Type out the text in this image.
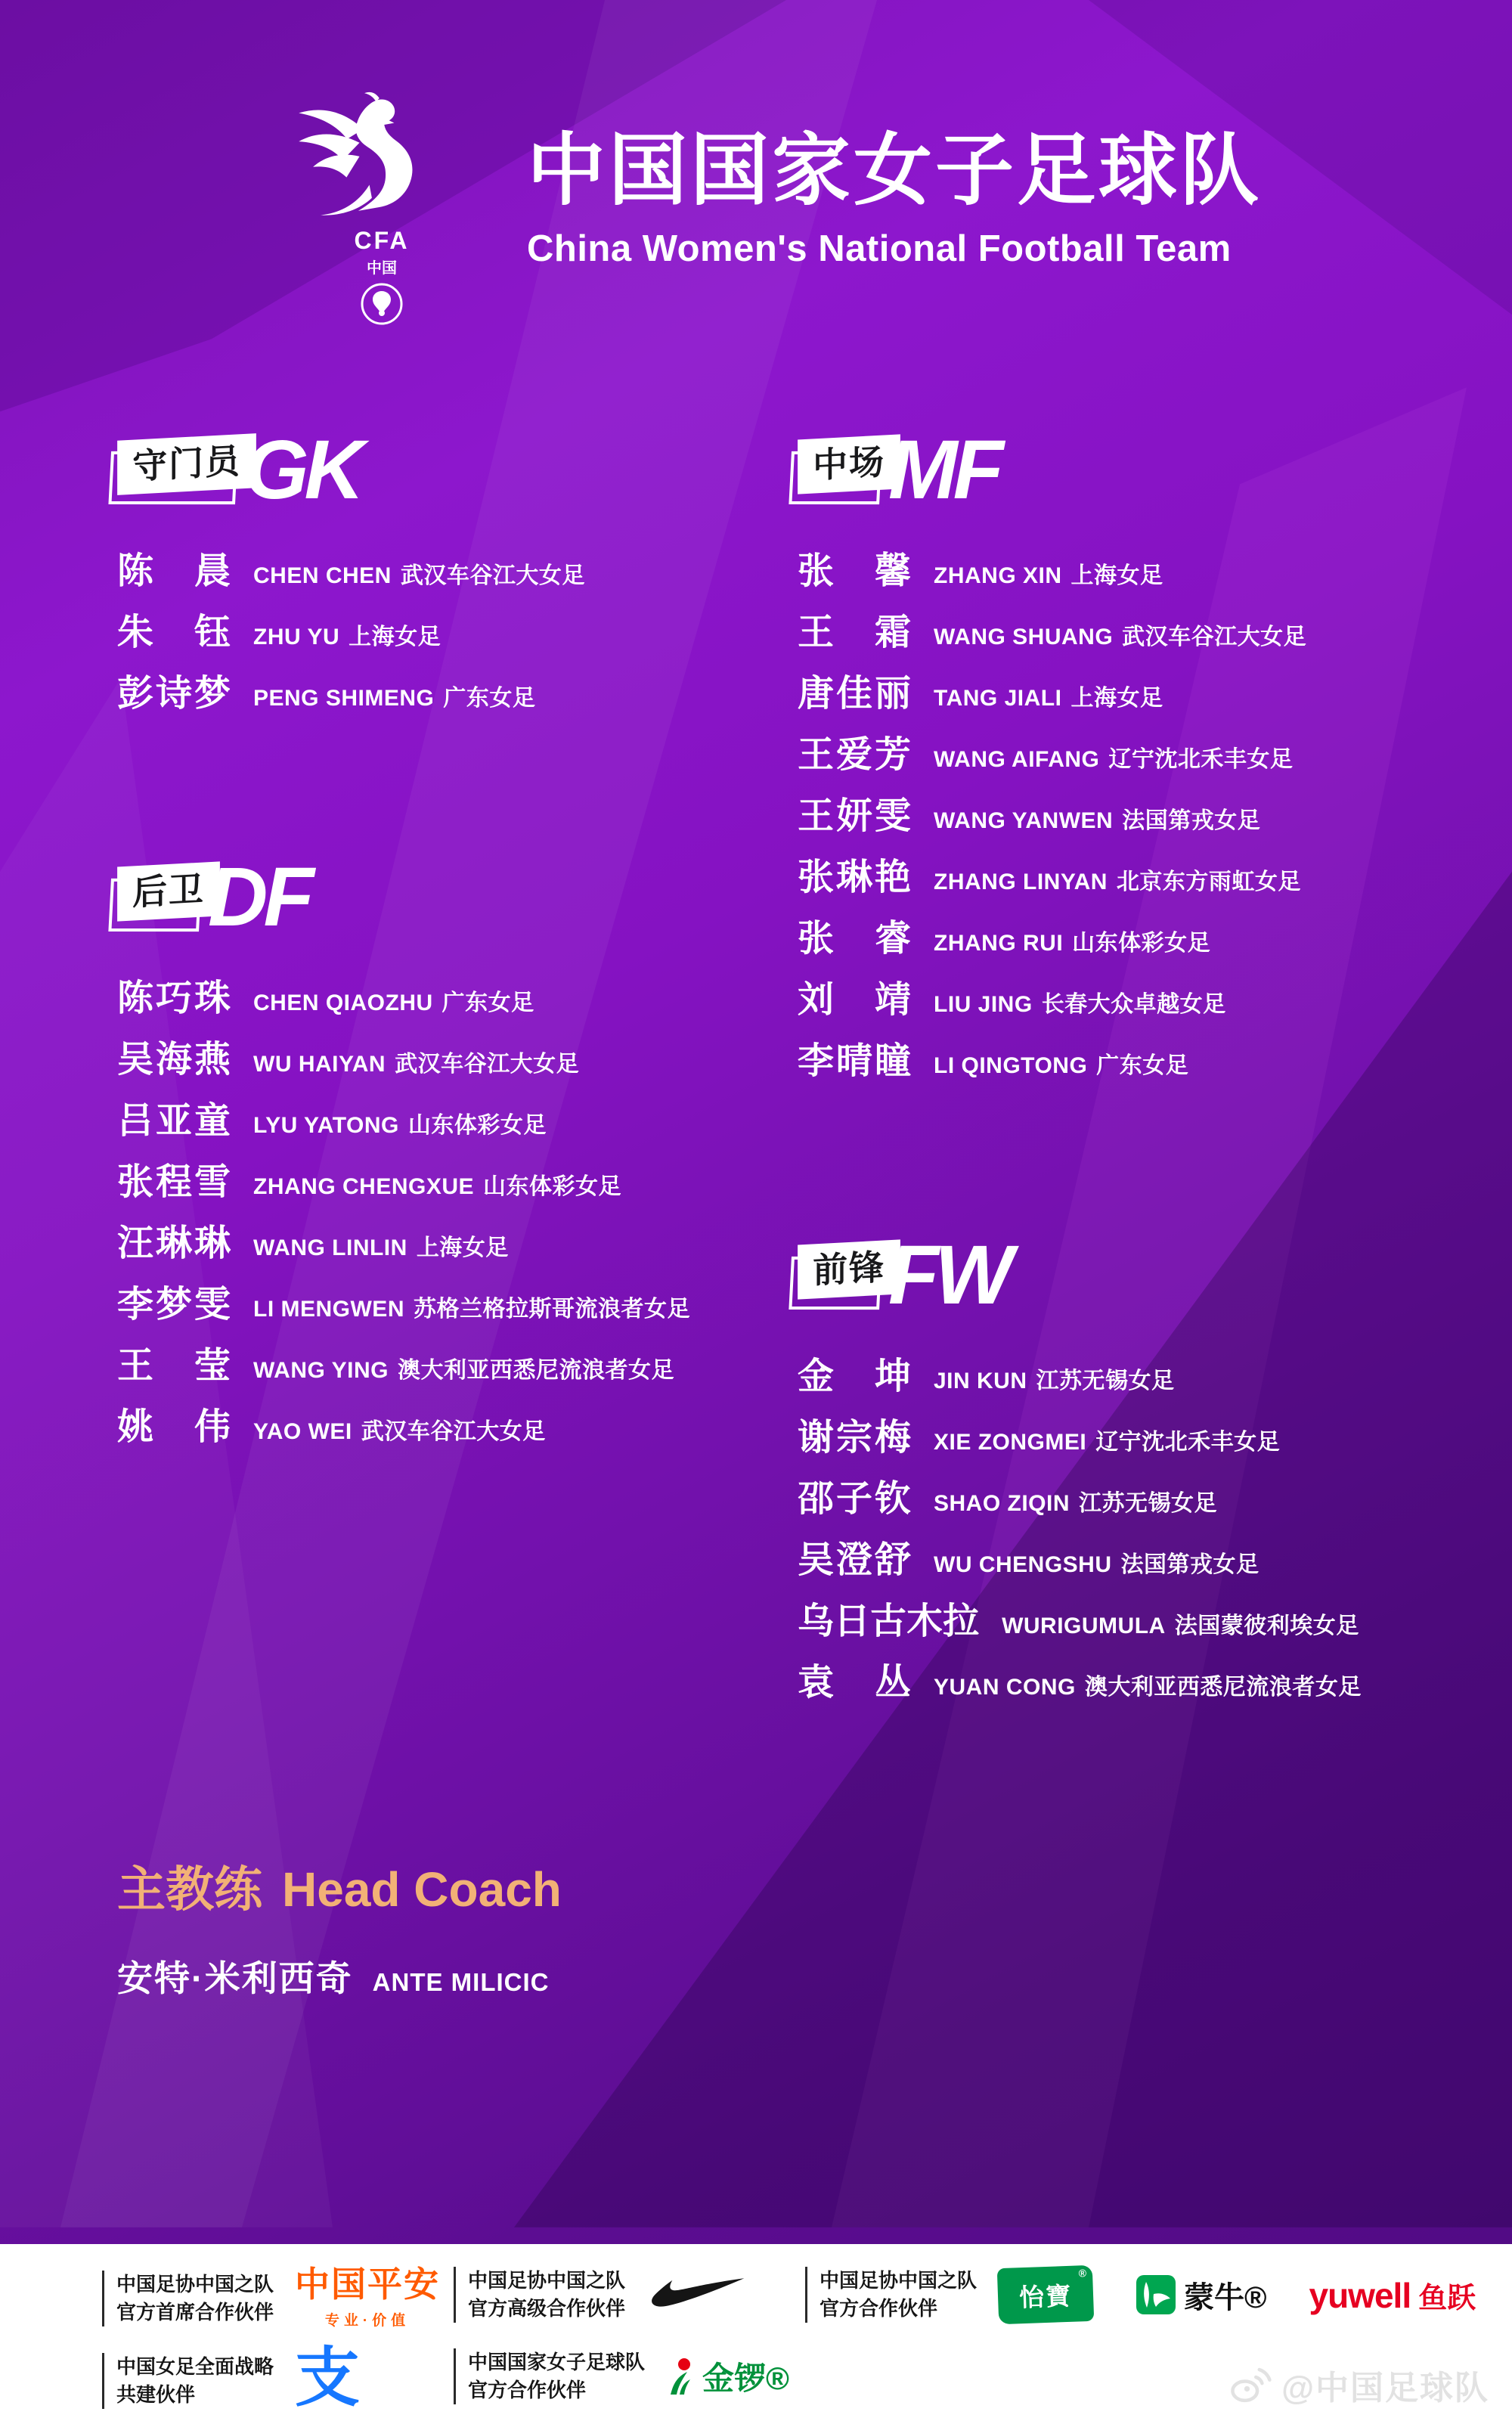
CFA
中国
中国国家女子足球队
China Women's National Football Team
守门员 GK
陈 晨 CHEN CHEN 武汉车谷江大女足
朱 钰 ZHU YU 上海女足
彭 诗 梦 PENG SHIMENG 广东女足
后卫 DF
陈 巧 珠 CHEN QIAOZHU 广东女足
吴 海 燕 WU HAIYAN 武汉车谷江大女足
吕 亚 童 LYU YATONG 山东体彩女足
张 程 雪 ZHANG CHENGXUE 山东体彩女足
汪 琳 琳 WANG LINLIN 上海女足
李 梦 雯 LI MENGWEN 苏格兰格拉斯哥流浪者女足
王 莹 WANG YING 澳大利亚西悉尼流浪者女足
姚 伟 YAO WEI 武汉车谷江大女足
中场 MF
张 馨 ZHANG XIN 上海女足
王 霜 WANG SHUANG 武汉车谷江大女足
唐 佳 丽 TANG JIALI 上海女足
王 爱 芳 WANG AIFANG 辽宁沈北禾丰女足
王 妍 雯 WANG YANWEN 法国第戎女足
张 琳 艳 ZHANG LINYAN 北京东方雨虹女足
张 睿 ZHANG RUI 山东体彩女足
刘 靖 LIU JING 长春大众卓越女足
李 晴 瞳 LI QINGTONG 广东女足
前锋 FW
金 坤 JIN KUN 江苏无锡女足
谢 宗 梅 XIE ZONGMEI 辽宁沈北禾丰女足
邵 子 钦 SHAO ZIQIN 江苏无锡女足
吴 澄 舒 WU CHENGSHU 法国第戎女足
乌 日 古 木 拉 WURIGUMULA 法国蒙彼利埃女足
袁 丛 YUAN CONG 澳大利亚西悉尼流浪者女足
主教练 Head Coach
安特·米利西奇 ANTE MILICIC
中国足协中国之队
官方首席合作伙伴
中国平安
专业·价值
中国足协中国之队
官方高级合作伙伴
中国足协中国之队
官方合作伙伴	怡寶
®
蒙牛® yuwell 鱼跃
中国女足全面战略
共建伙伴	支	中国国家女子足球队
官方合作伙伴	金锣®	@中国足球队
